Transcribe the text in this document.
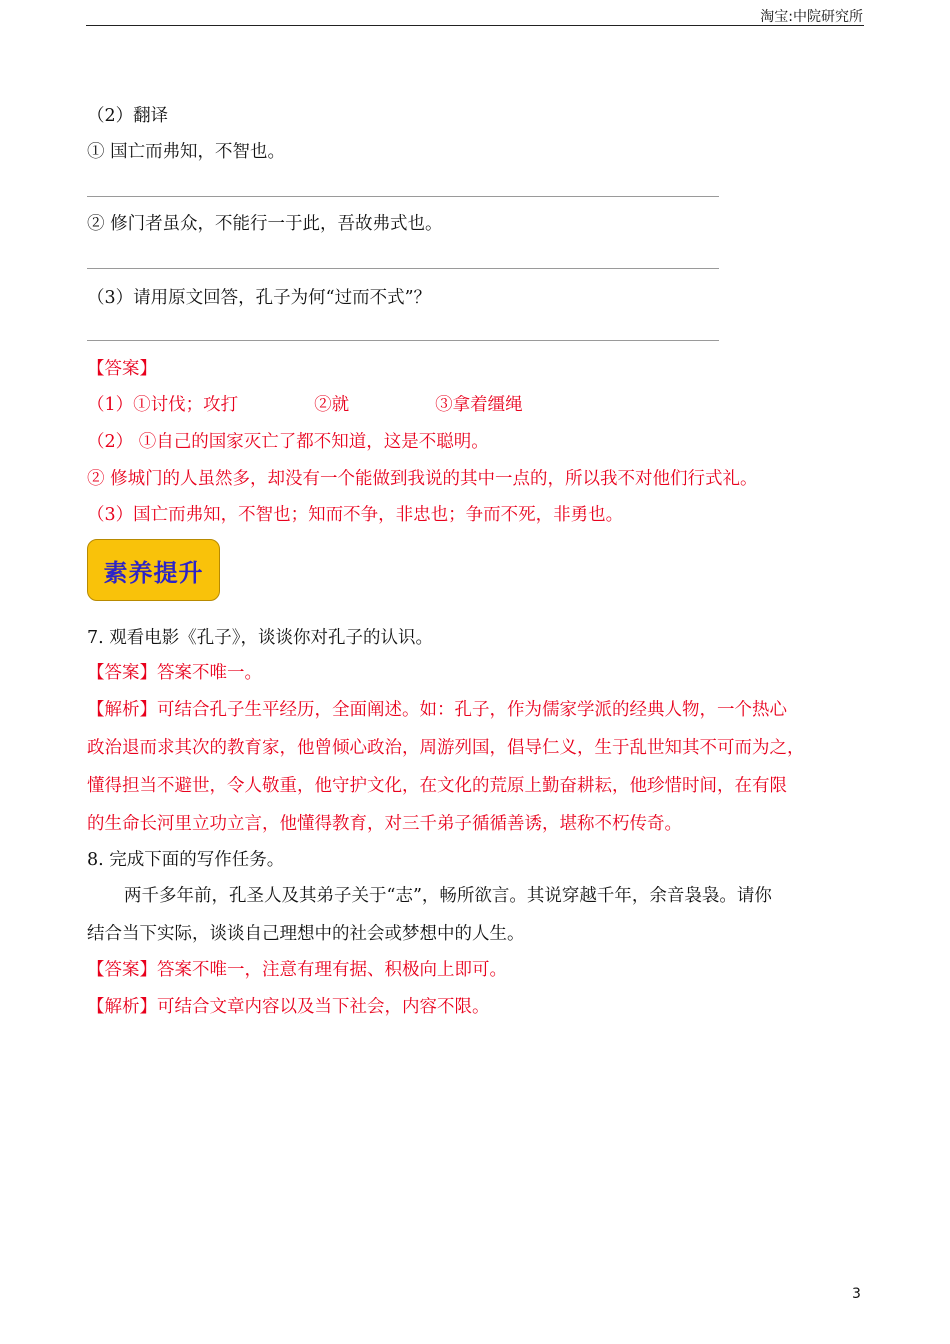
淘宝:中院研究所
（2）翻译
① 国亡而弗知，不智也。
② 修门者虽众，不能行一于此，吾故弗式也。
（3）请用原文回答，孔子为何“过而不式”？
【答案】
（1）①讨伐；攻打	②就	③拿着缰绳
（2） ①自己的国家灭亡了都不知道，这是不聪明。
② 修城门的人虽然多，却没有一个能做到我说的其中一点的，所以我不对他们行式礼。
（3）国亡而弗知，不智也；知而不争，非忠也；争而不死，非勇也。
素养提升
7. 观看电影《孔子》，谈谈你对孔子的认识。
【答案】答案不唯一。
【解析】可结合孔子生平经历，全面阐述。如：孔子，作为儒家学派的经典人物，一个热心
政治退而求其次的教育家，他曾倾心政治，周游列国，倡导仁义，生于乱世知其不可而为之，
懂得担当不避世，令人敬重，他守护文化，在文化的荒原上勤奋耕耘，他珍惜时间，在有限
的生命长河里立功立言，他懂得教育，对三千弟子循循善诱，堪称不朽传奇。
8. 完成下面的写作任务。
两千多年前，孔圣人及其弟子关于“志”，畅所欲言。其说穿越千年，余音袅袅。请你
结合当下实际，谈谈自己理想中的社会或梦想中的人生。
【答案】答案不唯一，注意有理有据、积极向上即可。
【解析】可结合文章内容以及当下社会，内容不限。
3
